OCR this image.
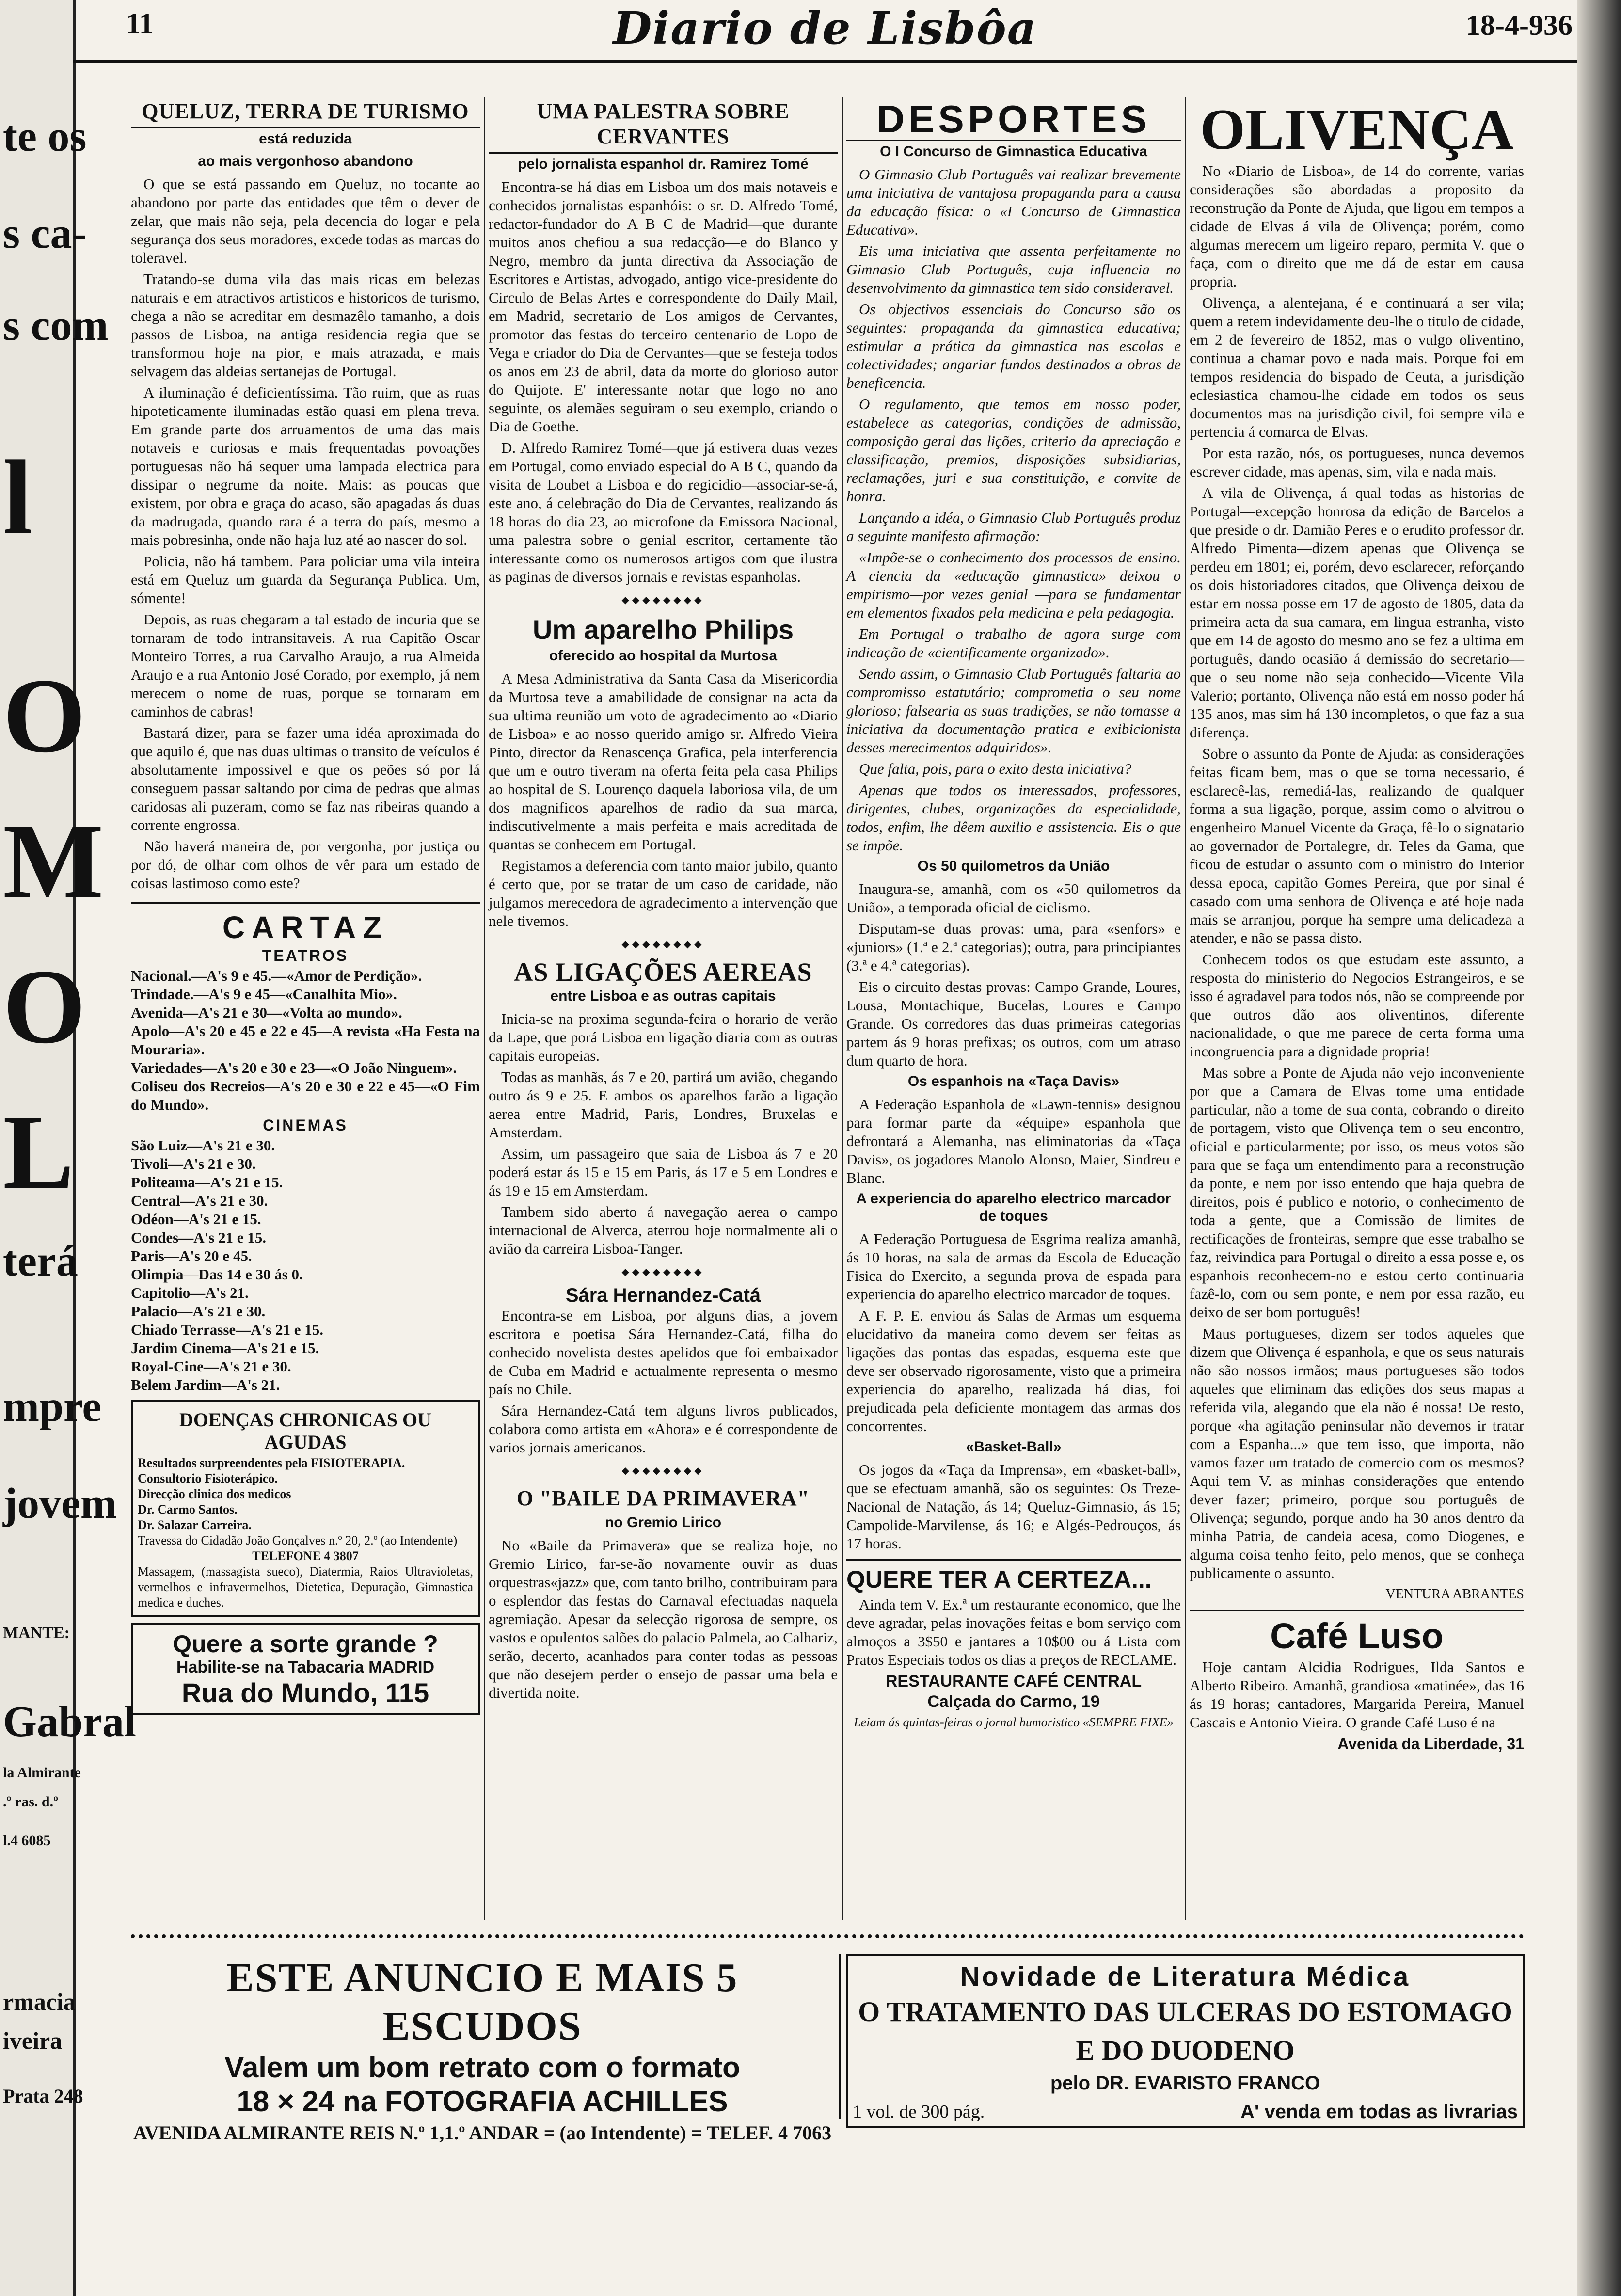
te os
s ca-
s com
l
O
M
O
L
terá
mpre
jovem
MANTE:
Gabral
la Almirante
.º ras. d.º
l.4 6085
rmacia
iveira
Prata 248
11	Diario de Lisbôa	18-4-936
QUELUZ, TERRA DE TURISMO
está reduzida
ao mais vergonhoso abandono

O que se está passando em Queluz, no tocante ao abandono por parte das entidades que têm o dever de zelar, que mais não seja, pela decencia do logar e pela segurança dos seus moradores, excede todas as marcas do toleravel.

Tratando-se duma vila das mais ricas em belezas naturais e em atractivos artisticos e historicos de turismo, chega a não se acreditar em desmazêlo tamanho, a dois passos de Lisboa, na antiga residencia regia que se transformou hoje na pior, e mais atrazada, e mais selvagem das aldeias sertanejas de Portugal.

A iluminação é deficientíssima. Tão ruim, que as ruas hipoteticamente iluminadas estão quasi em plena treva. Em grande parte dos arruamentos de uma das mais notaveis e curiosas e mais frequentadas povoações portuguesas não há sequer uma lampada electrica para dissipar o negrume da noite. Mais: as poucas que existem, por obra e graça do acaso, são apagadas ás duas da madrugada, quando rara é a terra do país, mesmo a mais pobresinha, onde não haja luz até ao nascer do sol.

Policia, não há tambem. Para policiar uma vila inteira está em Queluz um guarda da Segurança Publica. Um, sómente!

Depois, as ruas chegaram a tal estado de incuria que se tornaram de todo intransitaveis. A rua Capitão Oscar Monteiro Torres, a rua Carvalho Araujo, a rua Almeida Araujo e a rua Antonio José Corado, por exemplo, já nem merecem o nome de ruas, porque se tornaram em caminhos de cabras!

Bastará dizer, para se fazer uma idéa aproximada do que aquilo é, que nas duas ultimas o transito de veículos é absolutamente impossivel e que os peões só por lá conseguem passar saltando por cima de pedras que almas caridosas ali puzeram, como se faz nas ribeiras quando a corrente engrossa.

Não haverá maneira de, por vergonha, por justiça ou por dó, de olhar com olhos de vêr para um estado de coisas lastimoso como este?

CARTAZ
TEATROS
Nacional.—A's 9 e 45.—«Amor de Perdição».
Trindade.—A's 9 e 45—«Canalhita Mio».
Avenida—A's 21 e 30—«Volta ao mundo».
Apolo—A's 20 e 45 e 22 e 45—A revista «Ha Festa na Mouraria».
Variedades—A's 20 e 30 e 23—«O João Ninguem».
Coliseu dos Recreios—A's 20 e 30 e 22 e 45—«O Fim do Mundo».
CINEMAS
São Luiz—A's 21 e 30.
Tivoli—A's 21 e 30.
Politeama—A's 21 e 15.
Central—A's 21 e 30.
Odéon—A's 21 e 15.
Condes—A's 21 e 15.
Paris—A's 20 e 45.
Olimpia—Das 14 e 30 ás 0.
Capitolio—A's 21.
Palacio—A's 21 e 30.
Chiado Terrasse—A's 21 e 15.
Jardim Cinema—A's 21 e 15.
Royal-Cine—A's 21 e 30.
Belem Jardim—A's 21.
DOENÇAS CHRONICAS OU AGUDAS
Resultados surpreendentes pela FISIOTERAPIA.
Consultorio Fisioterápico.
Direcção clinica dos medicos
Dr. Carmo Santos.
Dr. Salazar Carreira.
Travessa do Cidadão João Gonçalves n.º 20, 2.º (ao Intendente)
TELEFONE 4 3807
Massagem, (massagista sueco), Diatermia, Raios Ultravioletas, vermelhos e infravermelhos, Dietetica, Depuração, Gimnastica medica e duches.
Quere a sorte grande ?
Habilite-se na Tabacaria MADRID
Rua do Mundo, 115
UMA PALESTRA SOBRE CERVANTES
pelo jornalista espanhol dr. Ramirez Tomé

Encontra-se há dias em Lisboa um dos mais notaveis e conhecidos jornalistas espanhóis: o sr. D. Alfredo Tomé, redactor-fundador do A B C de Madrid—que durante muitos anos chefiou a sua redacção—e do Blanco y Negro, membro da junta directiva da Associação de Escritores e Artistas, advogado, antigo vice-presidente do Circulo de Belas Artes e correspondente do Daily Mail, em Madrid, secretario de Los amigos de Cervantes, promotor das festas do terceiro centenario de Lopo de Vega e criador do Dia de Cervantes—que se festeja todos os anos em 23 de abril, data da morte do glorioso autor do Quijote. E' interessante notar que logo no ano seguinte, os alemães seguiram o seu exemplo, criando o Dia de Goethe.

D. Alfredo Ramirez Tomé—que já estivera duas vezes em Portugal, como enviado especial do A B C, quando da visita de Loubet a Lisboa e do regicidio—associar-se-á, este ano, á celebração do Dia de Cervantes, realizando ás 18 horas do dia 23, ao microfone da Emissora Nacional, uma palestra sobre o genial escritor, certamente tão interessante como os numerosos artigos com que ilustra as paginas de diversos jornais e revistas espanholas.

◆◆◆◆◆◆◆◆
Um aparelho Philips
oferecido ao hospital da Murtosa

A Mesa Administrativa da Santa Casa da Misericordia da Murtosa teve a amabilidade de consignar na acta da sua ultima reunião um voto de agradecimento ao «Diario de Lisboa» e ao nosso querido amigo sr. Alfredo Vieira Pinto, director da Renascença Grafica, pela interferencia que um e outro tiveram na oferta feita pela casa Philips ao hospital de S. Lourenço daquela laboriosa vila, de um dos magnificos aparelhos de radio da sua marca, indiscutivelmente a mais perfeita e mais acreditada de quantas se conhecem em Portugal.

Registamos a deferencia com tanto maior jubilo, quanto é certo que, por se tratar de um caso de caridade, não julgamos merecedora de agradecimento a intervenção que nele tivemos.

◆◆◆◆◆◆◆◆
AS LIGAÇÕES AEREAS
entre Lisboa e as outras capitais

Inicia-se na proxima segunda-feira o horario de verão da Lape, que porá Lisboa em ligação diaria com as outras capitais europeias.

Todas as manhãs, ás 7 e 20, partirá um avião, chegando outro ás 9 e 25. E ambos os aparelhos farão a ligação aerea entre Madrid, Paris, Londres, Bruxelas e Amsterdam.

Assim, um passageiro que saia de Lisboa ás 7 e 20 poderá estar ás 15 e 15 em Paris, ás 17 e 5 em Londres e ás 19 e 15 em Amsterdam.

Tambem sido aberto á navegação aerea o campo internacional de Alverca, aterrou hoje normalmente ali o avião da carreira Lisboa-Tanger.

◆◆◆◆◆◆◆◆
Sára Hernandez-Catá

Encontra-se em Lisboa, por alguns dias, a jovem escritora e poetisa Sára Hernandez-Catá, filha do conhecido novelista destes apelidos que foi embaixador de Cuba em Madrid e actualmente representa o mesmo país no Chile.

Sára Hernandez-Catá tem alguns livros publicados, colabora como artista em «Ahora» e é correspondente de varios jornais americanos.

◆◆◆◆◆◆◆◆
O "BAILE DA PRIMAVERA"
no Gremio Lirico

No «Baile da Primavera» que se realiza hoje, no Gremio Lirico, far-se-ão novamente ouvir as duas orquestras«jazz» que, com tanto brilho, contribuiram para o esplendor das festas do Carnaval efectuadas naquela agremiação. Apesar da selecção rigorosa de sempre, os vastos e opulentos salões do palacio Palmela, ao Calhariz, serão, decerto, acanhados para conter todas as pessoas que não desejem perder o ensejo de passar uma bela e divertida noite.

DESPORTES
O I Concurso de Gimnastica Educativa

O Gimnasio Club Português vai realizar brevemente uma iniciativa de vantajosa propaganda para a causa da educação física: o «I Concurso de Gimnastica Educativa».

Eis uma iniciativa que assenta perfeitamente no Gimnasio Club Português, cuja influencia no desenvolvimento da gimnastica tem sido consideravel.

Os objectivos essenciais do Concurso são os seguintes: propaganda da gimnastica educativa; estimular a prática da gimnastica nas escolas e colectividades; angariar fundos destinados a obras de beneficencia.

O regulamento, que temos em nosso poder, estabelece as categorias, condições de admissão, composição geral das lições, criterio da apreciação e classificação, premios, disposições subsidiarias, reclamações, juri e sua constituição, e convite de honra.

Lançando a idéa, o Gimnasio Club Português produz a seguinte manifesto afirmação:

«Impõe-se o conhecimento dos processos de ensino. A ciencia da «educação gimnastica» deixou o empirismo—por vezes genial —para se fundamentar em elementos fixados pela medicina e pela pedagogia.

Em Portugal o trabalho de agora surge com indicação de «cientificamente organizado».

Sendo assim, o Gimnasio Club Português faltaria ao compromisso estatutário; comprometia o seu nome glorioso; falsearia as suas tradições, se não tomasse a iniciativa da documentação pratica e exibicionista desses merecimentos adquiridos».

Que falta, pois, para o exito desta iniciativa?

Apenas que todos os interessados, professores, dirigentes, clubes, organizações da especialidade, todos, enfim, lhe dêem auxilio e assistencia. Eis o que se impõe.

Os 50 quilometros da União

Inaugura-se, amanhã, com os «50 quilometros da União», a temporada oficial de ciclismo.

Disputam-se duas provas: uma, para «senfors» e «juniors» (1.ª e 2.ª categorias); outra, para principiantes (3.ª e 4.ª categorias).

Eis o circuito destas provas: Campo Grande, Loures, Lousa, Montachique, Bucelas, Loures e Campo Grande. Os corredores das duas primeiras categorias partem ás 9 horas prefixas; os outros, com um atraso dum quarto de hora.

Os espanhois na «Taça Davis»

A Federação Espanhola de «Lawn-tennis» designou para formar parte da «équipe» espanhola que defrontará a Alemanha, nas eliminatorias da «Taça Davis», os jogadores Manolo Alonso, Maier, Sindreu e Blanc.

A experiencia do aparelho electrico marcador de toques

A Federação Portuguesa de Esgrima realiza amanhã, ás 10 horas, na sala de armas da Escola de Educação Fisica do Exercito, a segunda prova de espada para experiencia do aparelho electrico marcador de toques.

A F. P. E. enviou ás Salas de Armas um esquema elucidativo da maneira como devem ser feitas as ligações das pontas das espadas, esquema este que deve ser observado rigorosamente, visto que a primeira experiencia do aparelho, realizada há dias, foi prejudicada pela deficiente montagem das armas dos concorrentes.

«Basket-Ball»

Os jogos da «Taça da Imprensa», em «basket-ball», que se efectuam amanhã, são os seguintes: Os Treze-Nacional de Natação, ás 14; Queluz-Gimnasio, ás 15; Campolide-Marvilense, ás 16; e Algés-Pedrouços, ás 17 horas.

QUERE TER A CERTEZA...

Ainda tem V. Ex.ª um restaurante economico, que lhe deve agradar, pelas inovações feitas e bom serviço com almoços a 3$50 e jantares a 10$00 ou á Lista com Pratos Especiais todos os dias a preços de RECLAME.

RESTAURANTE CAFÉ CENTRAL
Calçada do Carmo, 19
Leiam ás quintas-feiras o jornal humoristico «SEMPRE FIXE»
OLIVENÇA

No «Diario de Lisboa», de 14 do corrente, varias considerações são abordadas a proposito da reconstrução da Ponte de Ajuda, que ligou em tempos a cidade de Elvas á vila de Olivença; porém, como algumas merecem um ligeiro reparo, permita V. que o faça, com o direito que me dá de estar em causa propria.

Olivença, a alentejana, é e continuará a ser vila; quem a retem indevidamente deu-lhe o titulo de cidade, em 2 de fevereiro de 1852, mas o vulgo oliventino, continua a chamar povo e nada mais. Porque foi em tempos residencia do bispado de Ceuta, a jurisdição eclesiastica chamou-lhe cidade em todos os seus documentos mas na jurisdição civil, foi sempre vila e pertencia á comarca de Elvas.

Por esta razão, nós, os portugueses, nunca devemos escrever cidade, mas apenas, sim, vila e nada mais.

A vila de Olivença, á qual todas as historias de Portugal—excepção honrosa da edição de Barcelos a que preside o dr. Damião Peres e o erudito professor dr. Alfredo Pimenta—dizem apenas que Olivença se perdeu em 1801; ei, porém, devo esclarecer, reforçando os dois historiadores citados, que Olivença deixou de estar em nossa posse em 17 de agosto de 1805, data da primeira acta da sua camara, em lingua estranha, visto que em 14 de agosto do mesmo ano se fez a ultima em português, dando ocasião á demissão do secretario—que o seu nome não seja conhecido—Vicente Vila Valerio; portanto, Olivença não está em nosso poder há 135 anos, mas sim há 130 incompletos, o que faz a sua diferença.

Sobre o assunto da Ponte de Ajuda: as considerações feitas ficam bem, mas o que se torna necessario, é esclarecê-las, remediá-las, realizando de qualquer forma a sua ligação, porque, assim como o alvitrou o engenheiro Manuel Vicente da Graça, fê-lo o signatario ao governador de Portalegre, dr. Teles da Gama, que ficou de estudar o assunto com o ministro do Interior dessa epoca, capitão Gomes Pereira, que por sinal é casado com uma senhora de Olivença e até hoje nada mais se arranjou, porque ha sempre uma delicadeza a atender, e não se passa disto.

Conhecem todos os que estudam este assunto, a resposta do ministerio do Negocios Estrangeiros, e se isso é agradavel para todos nós, não se compreende por que outros dão aos oliventinos, diferente nacionalidade, o que me parece de certa forma uma incongruencia para a dignidade propria!

Mas sobre a Ponte de Ajuda não vejo inconveniente por que a Camara de Elvas tome uma entidade particular, não a tome de sua conta, cobrando o direito de portagem, visto que Olivença tem o seu encontro, oficial e particularmente; por isso, os meus votos são para que se faça um entendimento para a reconstrução da ponte, e nem por isso entendo que haja quebra de direitos, pois é publico e notorio, o conhecimento de toda a gente, que a Comissão de limites de rectificações de fronteiras, sempre que esse trabalho se faz, reivindica para Portugal o direito a essa posse e, os espanhois reconhecem-no e estou certo continuaria fazê-lo, com ou sem ponte, e nem por essa razão, eu deixo de ser bom português!

Maus portugueses, dizem ser todos aqueles que dizem que Olivença é espanhola, e que os seus naturais não são nossos irmãos; maus portugueses são todos aqueles que eliminam das edições dos seus mapas a referida vila, alegando que ela não é nossa! De resto, porque «ha agitação peninsular não devemos ir tratar com a Espanha...» que tem isso, que importa, não vamos fazer um tratado de comercio com os mesmos? Aqui tem V. as minhas considerações que entendo dever fazer; primeiro, porque sou português de Olivença; segundo, porque ando ha 30 anos dentro da minha Patria, de candeia acesa, como Diogenes, e alguma coisa tenho feito, pelo menos, que se conheça publicamente o assunto.

VENTURA ABRANTES
Café Luso

Hoje cantam Alcidia Rodrigues, Ilda Santos e Alberto Ribeiro. Amanhã, grandiosa «matinée», das 16 ás 19 horas; cantadores, Margarida Pereira, Manuel Cascais e Antonio Vieira. O grande Café Luso é na

Avenida da Liberdade, 31
ESTE ANUNCIO E MAIS 5 ESCUDOS
Valem um bom retrato com o formato
18 × 24 na FOTOGRAFIA ACHILLES
AVENIDA ALMIRANTE REIS N.º 1,1.º ANDAR = (ao Intendente) = TELEF. 4 7063
Novidade de Literatura Médica
O TRATAMENTO DAS ULCERAS DO ESTOMAGO E DO DUODENO
pelo DR. EVARISTO FRANCO
1 vol. de 300 pág.	A' venda em todas as livrarias
